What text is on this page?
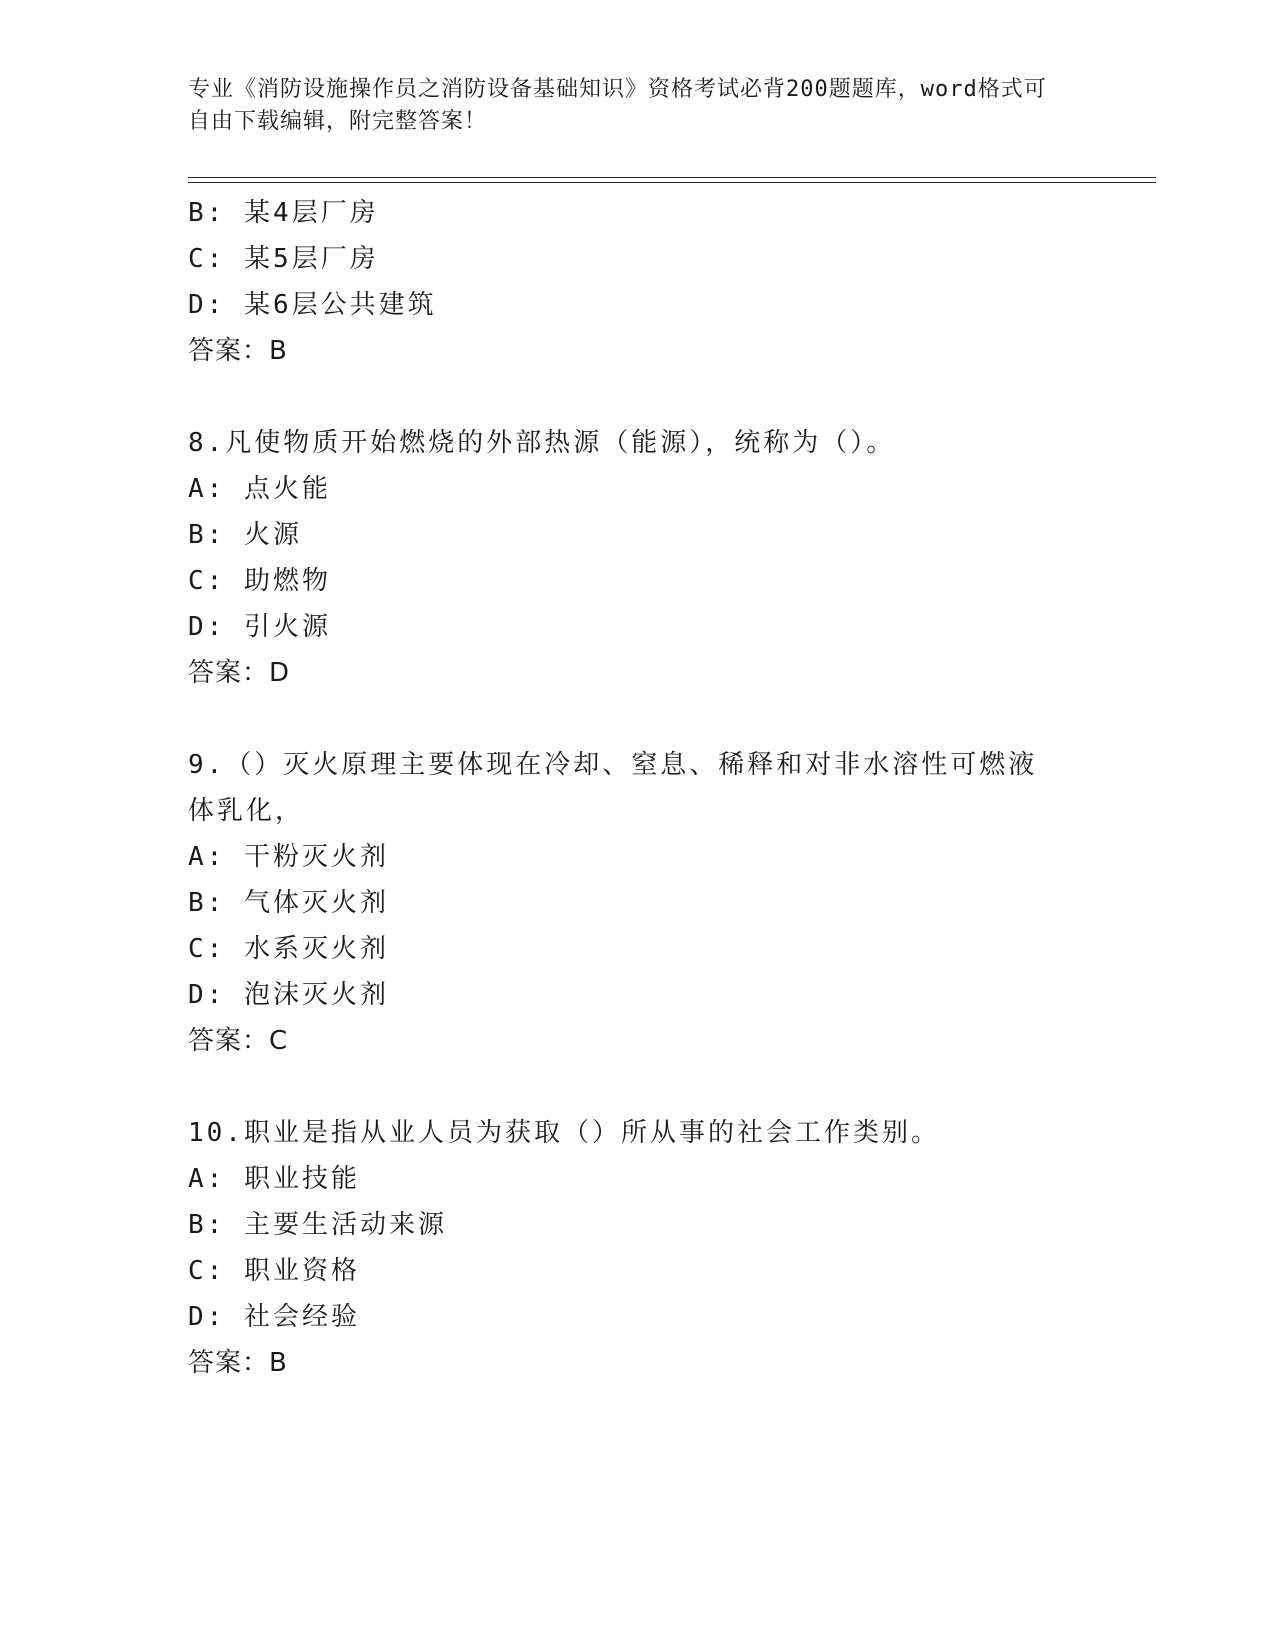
专业《消防设施操作员之消防设备基础知识》资格考试必背200题题库，word格式可自由下载编辑，附完整答案！
B: 某4层厂房
C: 某5层厂房
D: 某6层公共建筑
答案：B
8.凡使物质开始燃烧的外部热源（能源），统称为（）。
A: 点火能
B: 火源
C: 助燃物
D: 引火源
答案：D
9.（）灭火原理主要体现在冷却、窒息、稀释和对非水溶性可燃液体乳化，
A: 干粉灭火剂
B: 气体灭火剂
C: 水系灭火剂
D: 泡沫灭火剂
答案：C
10.职业是指从业人员为获取（）所从事的社会工作类别。
A: 职业技能
B: 主要生活动来源
C: 职业资格
D: 社会经验
答案：B
